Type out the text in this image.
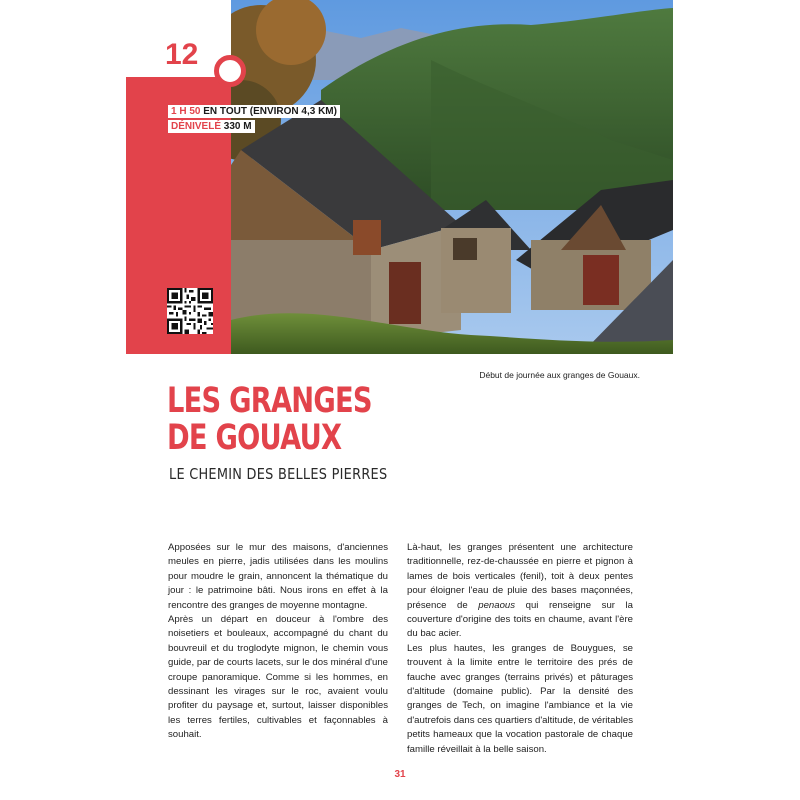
12
1 H 50 EN TOUT (ENVIRON 4,3 KM)
DÉNIVELÉ 330 M
Début de journée aux granges de Gouaux.
LES GRANGES
DE GOUAUX
LE CHEMIN DES BELLES PIERRES

Apposées sur le mur des maisons, d'anciennes meules en pierre, jadis utilisées dans les moulins pour moudre le grain, annoncent la thématique du jour : le patrimoine bâti. Nous irons en effet à la rencontre des granges de moyenne montagne.

Après un départ en douceur à l'ombre des noisetiers et bouleaux, accompagné du chant du bouvreuil et du troglodyte mignon, le chemin vous guide, par de courts lacets, sur le dos minéral d'une croupe panoramique. Comme si les hommes, en dessinant les virages sur le roc, avaient voulu profiter du paysage et, surtout, laisser disponibles les terres fertiles, cultivables et façonnables à souhait.

Là-haut, les granges présentent une architecture traditionnelle, rez-de-chaussée en pierre et pignon à lames de bois verticales (fenil), toit à deux pentes pour éloigner l'eau de pluie des bases maçonnées, présence de penaous qui renseigne sur la couverture d'origine des toits en chaume, avant l'ère du bac acier.

Les plus hautes, les granges de Bouygues, se trouvent à la limite entre le territoire des prés de fauche avec granges (terrains privés) et pâturages d'altitude (domaine public). Par la densité des granges de Tech, on imagine l'ambiance et la vie d'autrefois dans ces quartiers d'altitude, de véritables petits hameaux que la vocation pastorale de chaque famille réveillait à la belle saison.

31
